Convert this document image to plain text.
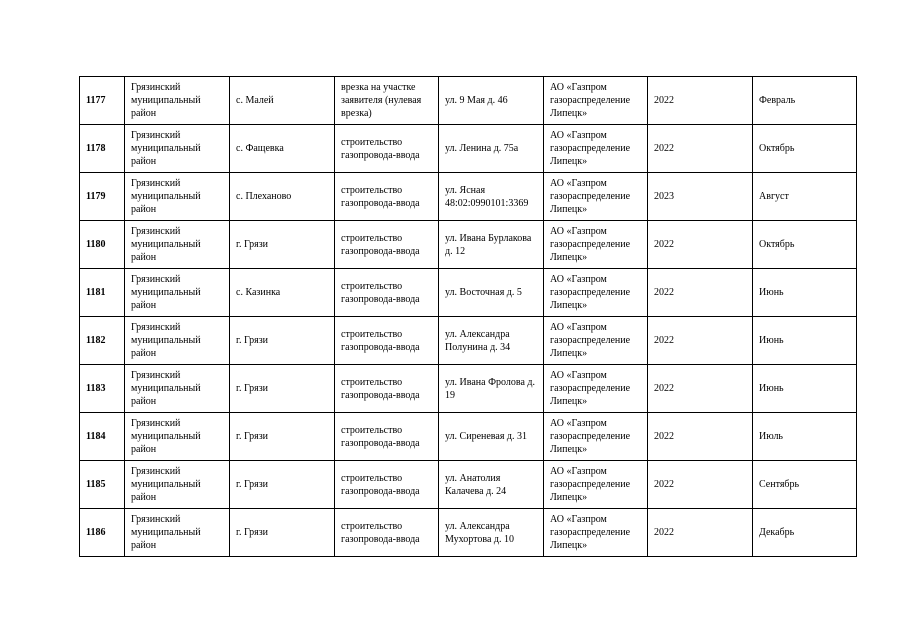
1177	Грязинский муниципальный район	с. Малей	врезка на участке заявителя (нулевая врезка)	ул. 9 Мая д. 46	АО «Газпром газораспределение Липецк»	2022	Февраль
1178	Грязинский муниципальный район	с. Фащевка	строительство газопровода-ввода	ул. Ленина д. 75а	АО «Газпром газораспределение Липецк»	2022	Октябрь
1179	Грязинский муниципальный район	с. Плеханово	строительство газопровода-ввода	ул. Ясная 48:02:0990101:3369	АО «Газпром газораспределение Липецк»	2023	Август
1180	Грязинский муниципальный район	г. Грязи	строительство газопровода-ввода	ул. Ивана Бурлакова д. 12	АО «Газпром газораспределение Липецк»	2022	Октябрь
1181	Грязинский муниципальный район	с. Казинка	строительство газопровода-ввода	ул. Восточная д. 5	АО «Газпром газораспределение Липецк»	2022	Июнь
1182	Грязинский муниципальный район	г. Грязи	строительство газопровода-ввода	ул. Александра Полунина д. 34	АО «Газпром газораспределение Липецк»	2022	Июнь
1183	Грязинский муниципальный район	г. Грязи	строительство газопровода-ввода	ул. Ивана Фролова д. 19	АО «Газпром газораспределение Липецк»	2022	Июнь
1184	Грязинский муниципальный район	г. Грязи	строительство газопровода-ввода	ул. Сиреневая д. 31	АО «Газпром газораспределение Липецк»	2022	Июль
1185	Грязинский муниципальный район	г. Грязи	строительство газопровода-ввода	ул. Анатолия Калачева д. 24	АО «Газпром газораспределение Липецк»	2022	Сентябрь
1186	Грязинский муниципальный район	г. Грязи	строительство газопровода-ввода	ул. Александра Мухортова д. 10	АО «Газпром газораспределение Липецк»	2022	Декабрь
